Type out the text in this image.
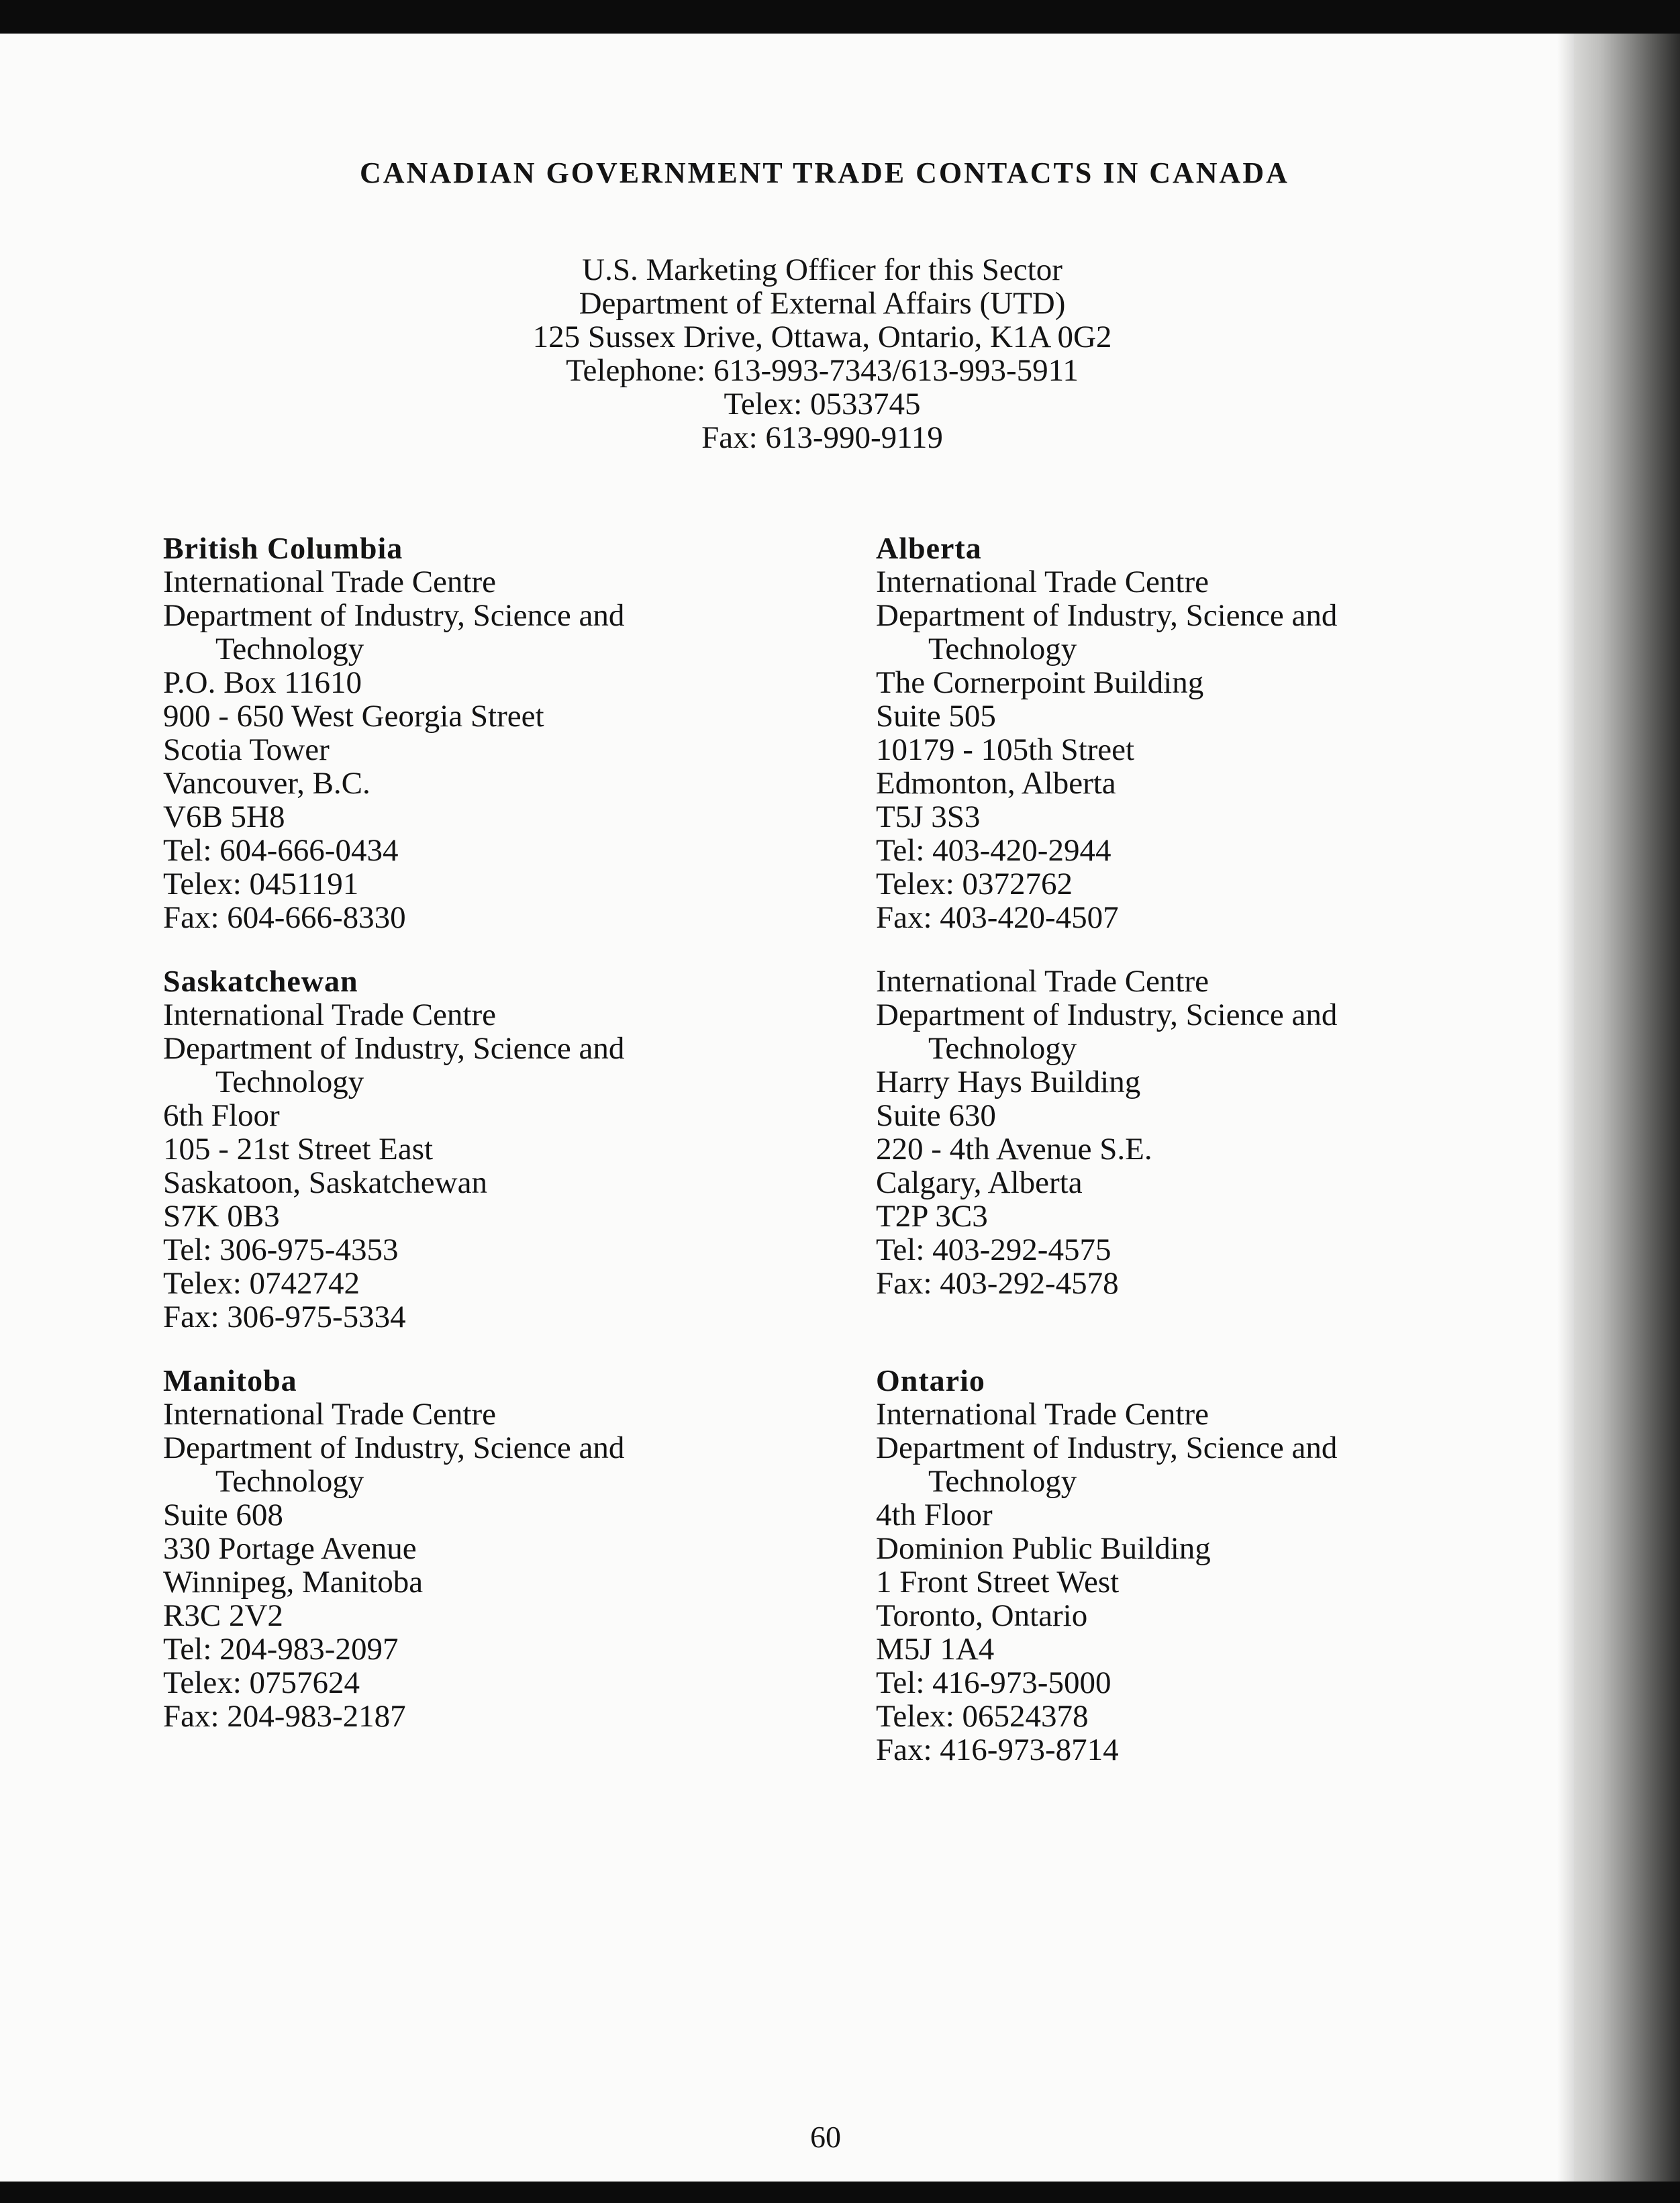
CANADIAN GOVERNMENT TRADE CONTACTS IN CANADA
U.S. Marketing Officer for this Sector
Department of External Affairs (UTD)
125 Sussex Drive, Ottawa, Ontario, K1A 0G2
Telephone: 613-993-7343/613-993-5911
Telex: 0533745
Fax: 613-990-9119
British Columbia
International Trade Centre
Department of Industry, Science and
Technology
P.O. Box 11610
900 - 650 West Georgia Street
Scotia Tower
Vancouver, B.C.
V6B 5H8
Tel: 604-666-0434
Telex: 0451191
Fax: 604-666-8330
Saskatchewan
International Trade Centre
Department of Industry, Science and
Technology
6th Floor
105 - 21st Street East
Saskatoon, Saskatchewan
S7K 0B3
Tel: 306-975-4353
Telex: 0742742
Fax: 306-975-5334
Manitoba
International Trade Centre
Department of Industry, Science and
Technology
Suite 608
330 Portage Avenue
Winnipeg, Manitoba
R3C 2V2
Tel: 204-983-2097
Telex: 0757624
Fax: 204-983-2187
Alberta
International Trade Centre
Department of Industry, Science and
Technology
The Cornerpoint Building
Suite 505
10179 - 105th Street
Edmonton, Alberta
T5J 3S3
Tel: 403-420-2944
Telex: 0372762
Fax: 403-420-4507
International Trade Centre
Department of Industry, Science and
Technology
Harry Hays Building
Suite 630
220 - 4th Avenue S.E.
Calgary, Alberta
T2P 3C3
Tel: 403-292-4575
Fax: 403-292-4578
Ontario
International Trade Centre
Department of Industry, Science and
Technology
4th Floor
Dominion Public Building
1 Front Street West
Toronto, Ontario
M5J 1A4
Tel: 416-973-5000
Telex: 06524378
Fax: 416-973-8714
60
